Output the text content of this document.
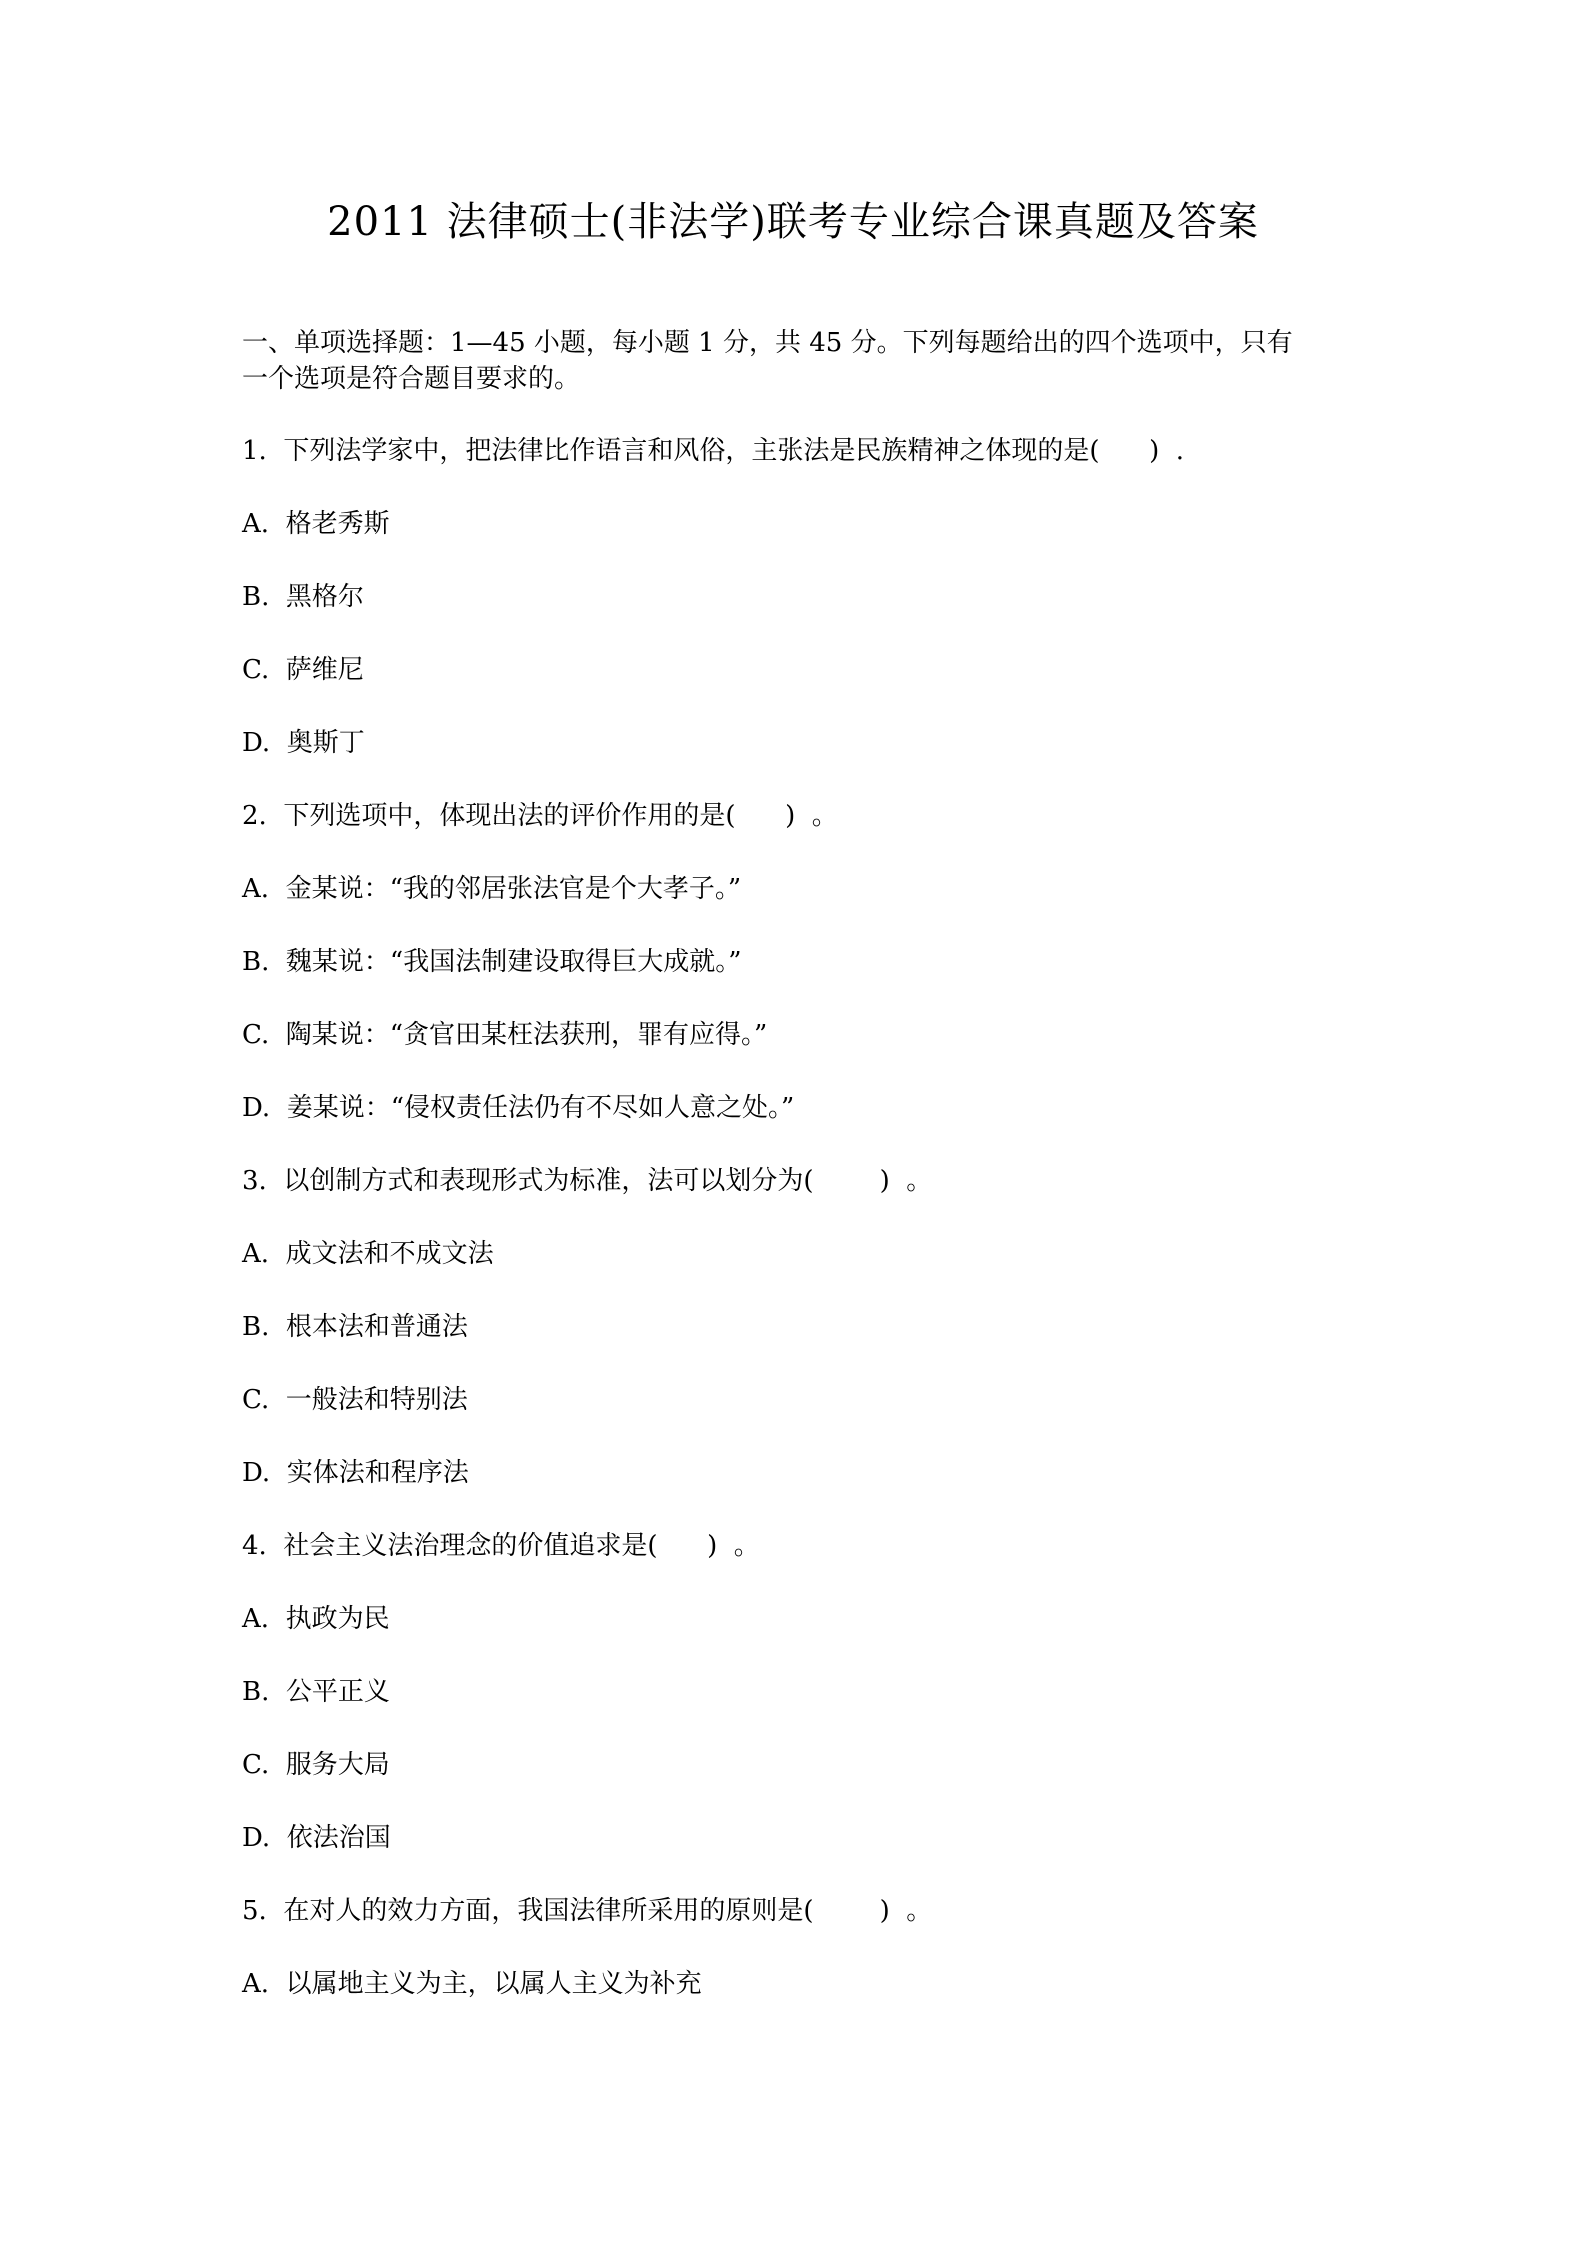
2011 法律硕士(非法学)联考专业综合课真题及答案
一、单项选择题：1—45 小题，每小题 1 分，共 45 分。下列每题给出的四个选项中，只有
一个选项是符合题目要求的。
1.  下列法学家中，把法律比作语言和风俗，主张法是民族精神之体现的是(      )  .
A.  格老秀斯
B.  黑格尔
C.  萨维尼
D.  奥斯丁
2.  下列选项中，体现出法的评价作用的是(      )  。
A.  金某说：“我的邻居张法官是个大孝子。”
B.  魏某说：“我国法制建设取得巨大成就。”
C.  陶某说：“贪官田某枉法获刑，罪有应得。”
D.  姜某说：“侵权责任法仍有不尽如人意之处。”
3.  以创制方式和表现形式为标准，法可以划分为(        )  。
A.  成文法和不成文法
B.  根本法和普通法
C.  一般法和特别法
D.  实体法和程序法
4.  社会主义法治理念的价值追求是(      )  。
A.  执政为民
B.  公平正义
C.  服务大局
D.  依法治国
5.  在对人的效力方面，我国法律所采用的原则是(        )  。
A.  以属地主义为主，以属人主义为补充
